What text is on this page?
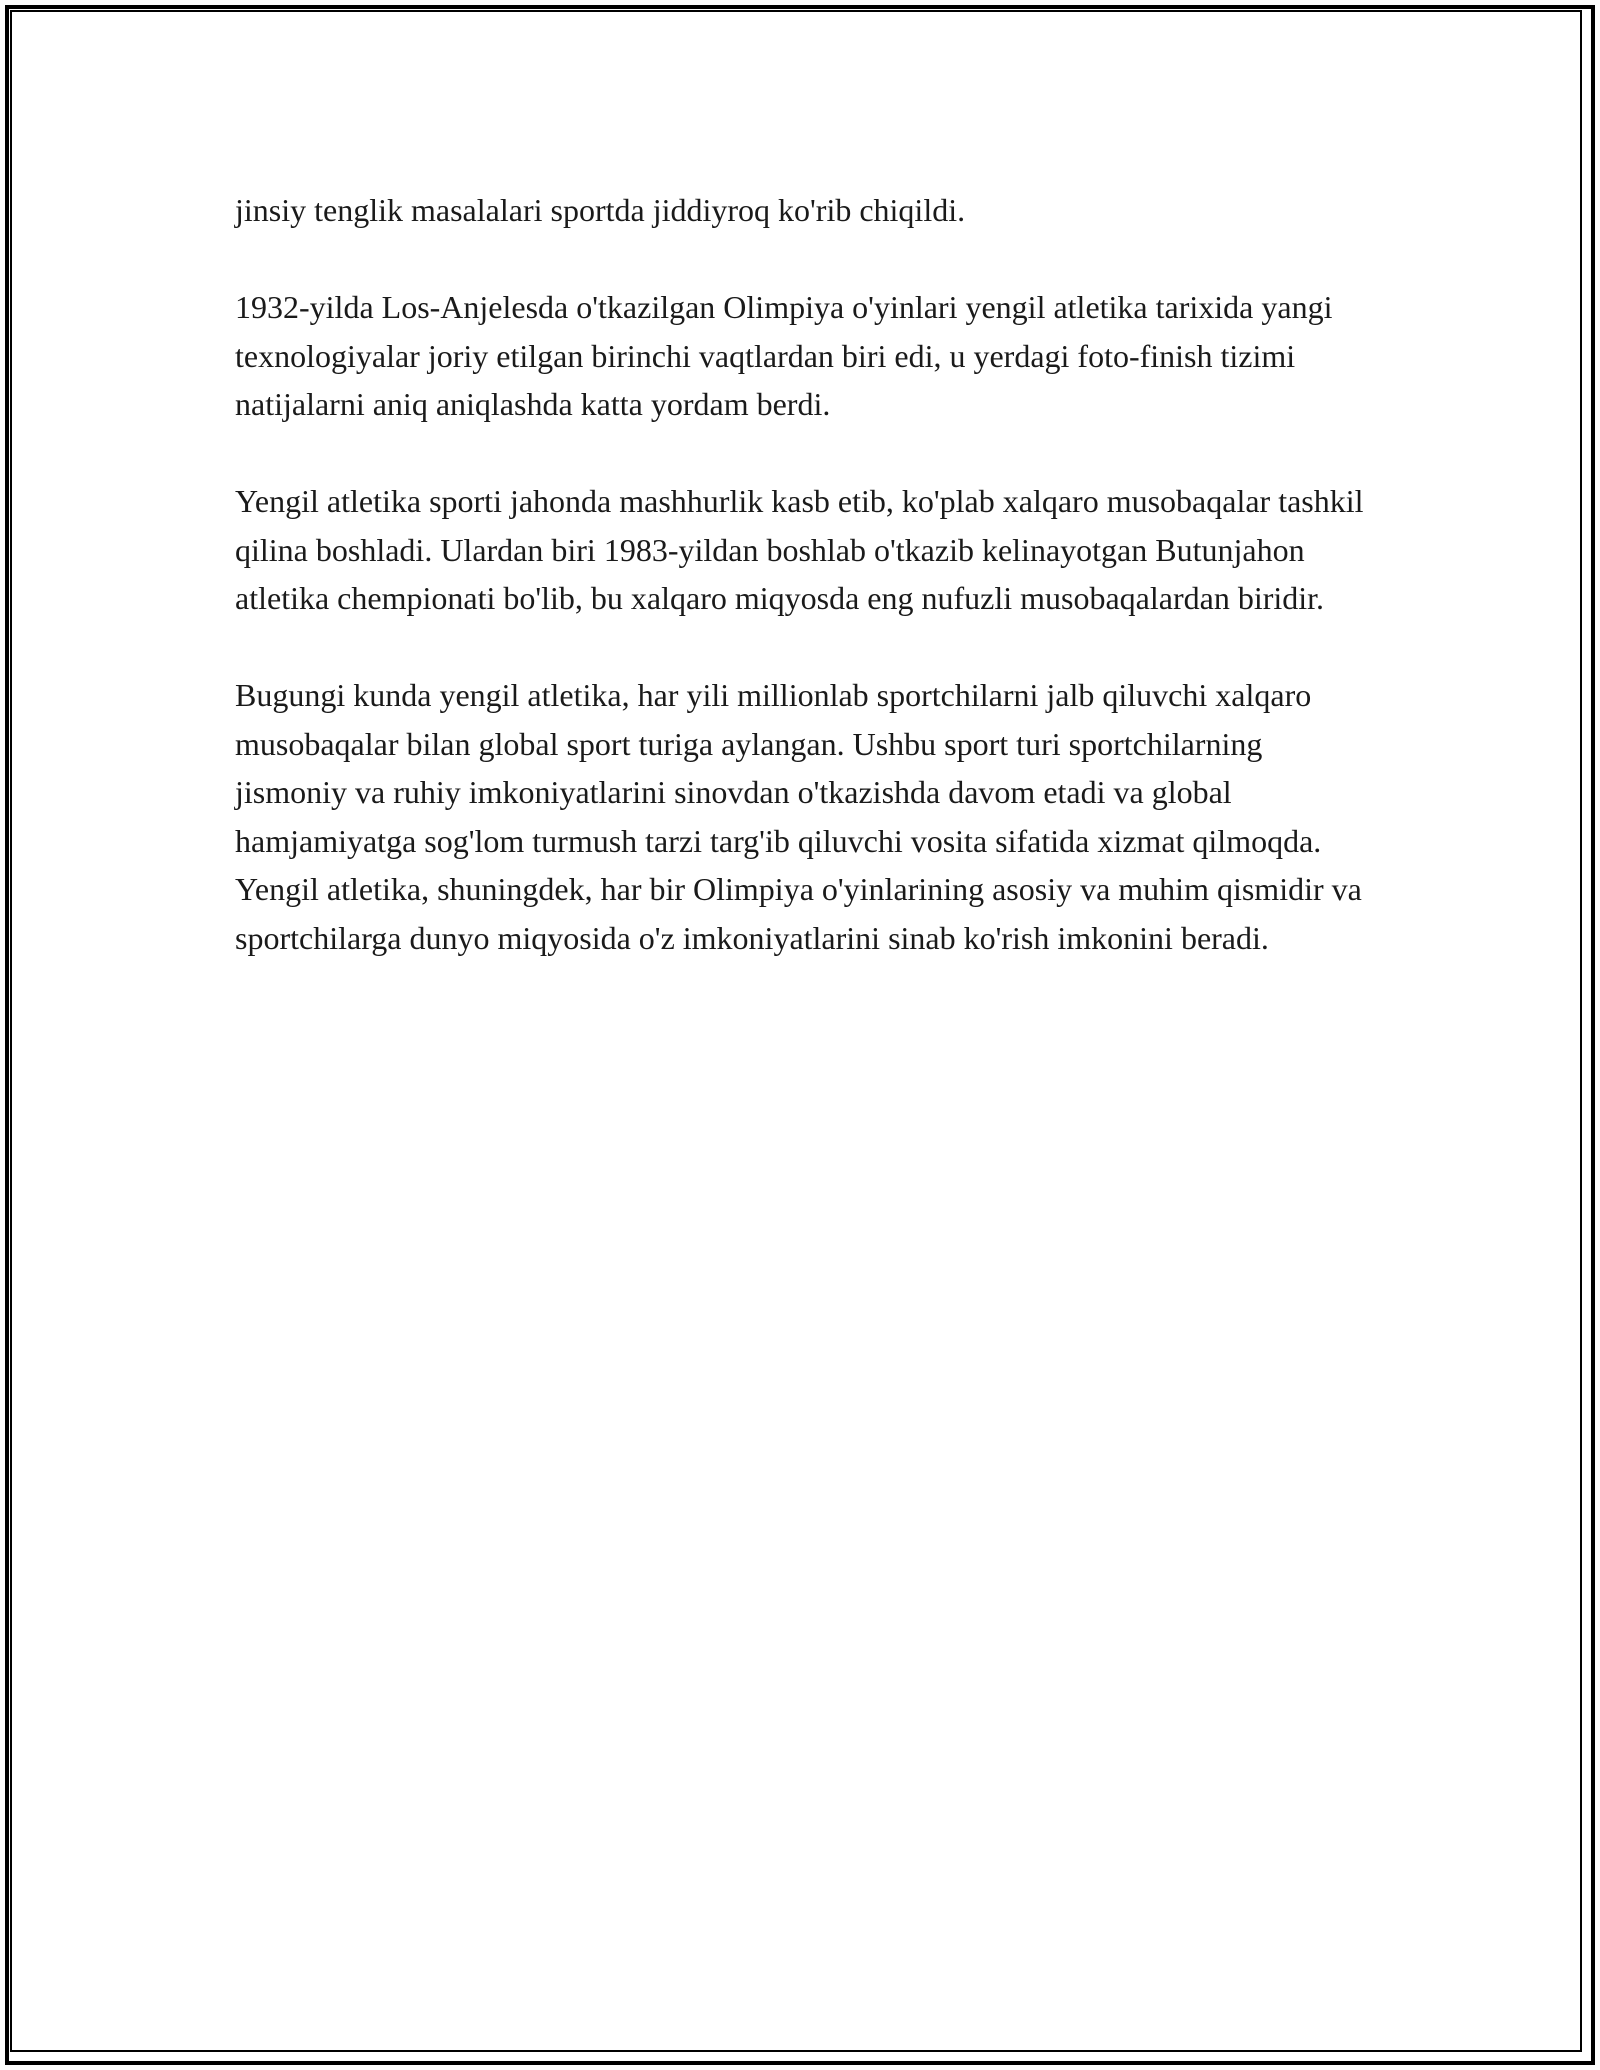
jinsiy tenglik masalalari sportda jiddiyroq ko'rib chiqildi.

1932-yilda Los-Anjelesda o'tkazilgan Olimpiya o'yinlari yengil atletika tarixida yangi texnologiyalar joriy etilgan birinchi vaqtlardan biri edi, u yerdagi foto-finish tizimi natijalarni aniq aniqlashda katta yordam berdi.

Yengil atletika sporti jahonda mashhurlik kasb etib, ko'plab xalqaro musobaqalar tashkil qilina boshladi. Ulardan biri 1983-yildan boshlab o'tkazib kelinayotgan Butunjahon atletika chempionati bo'lib, bu xalqaro miqyosda eng nufuzli musobaqalardan biridir.

Bugungi kunda yengil atletika, har yili millionlab sportchilarni jalb qiluvchi xalqaro musobaqalar bilan global sport turiga aylangan. Ushbu sport turi sportchilarning jismoniy va ruhiy imkoniyatlarini sinovdan o'tkazishda davom etadi va global hamjamiyatga sog'lom turmush tarzi targ'ib qiluvchi vosita sifatida xizmat qilmoqda. Yengil atletika, shuningdek, har bir Olimpiya o'yinlarining asosiy va muhim qismidir va sportchilarga dunyo miqyosida o'z imkoniyatlarini sinab ko'rish imkonini beradi.
